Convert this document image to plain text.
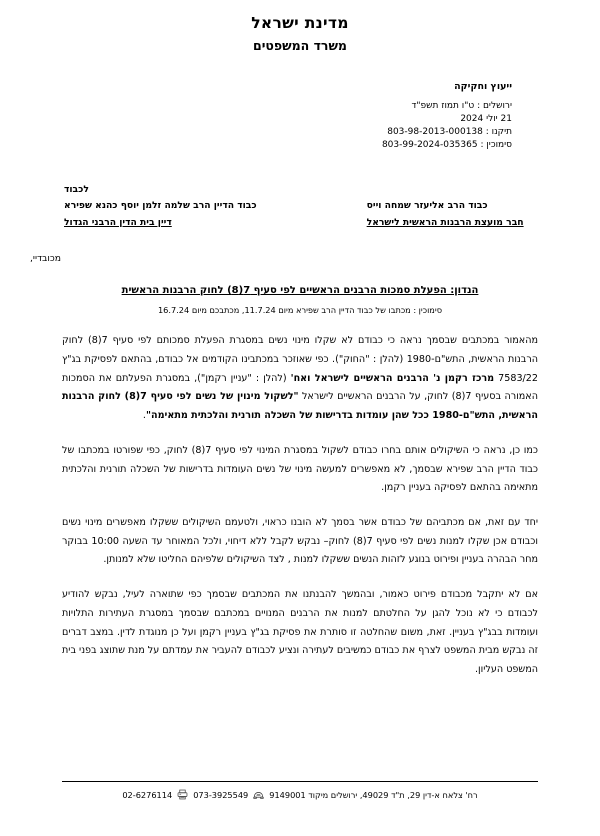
מדינת ישראל
משרד המשפטים
ייעוץ וחקיקה
ירושלים : ט"ו תמוז תשפ"ד
21 יולי 2024
תיקנו : 803-98-2013-000138
סימוכין : 803-99-2024-035365
לכבוד
כבוד הרב אליעזר שמחה וייס
חבר מועצת הרבנות הראשית לישראל
כבוד הדיין הרב שלמה זלמן יוסף כהנא שפירא
דיין בית הדין הרבני הגדול
מכובדיי,
הנדון: הפעלת סמכות הרבנים הראשיים לפי סעיף 7(8) לחוק הרבנות הראשית
סימוכין : מכתבו של כבוד הדיין הרב שפירא מיום 11.7.24, מכתבכם מיום 16.7.24

מהאמור במכתבים שבסמך נראה כי כבודם לא שקלו מינוי נשים במסגרת הפעלת סמכותם לפי סעיף 7(8) לחוק הרבנות הראשית, התש"ם-1980 (להלן : "החוק"). כפי שאוזכר במכתבינו הקודמים אל כבודם, בהתאם לפסיקת בג"ץ 7583/22 מרכז רקמן נ' הרבנים הראשיים לישראל ואח' (להלן : "עניין רקמן"), במסגרת הפעלתם את הסמכות האמורה בסעיף 7(8) לחוק, על הרבנים הראשיים לישראל "לשקול מינוין של נשים לפי סעיף 7(8) לחוק הרבנות הראשית, התש"ם-1980 ככל שהן עומדות בדרישות של השכלה תורנית והלכתית מתאימה".

כמו כן, נראה כי השיקולים אותם בחרו כבודם לשקול במסגרת המינוי לפי סעיף 7(8) לחוק, כפי שפורטו במכתבו של כבוד הדיין הרב שפירא שבסמך, לא מאפשרים למעשה מינוי של נשים העומדות בדרישות של השכלה תורנית והלכתית מתאימה בהתאם לפסיקה בעניין רקמן.

יחד עם זאת, אם מכתביהם של כבודם אשר בסמך לא הובנו כראוי, ולטעמם השיקולים ששקלו מאפשרים מינוי נשים וכבודם אכן שקלו למנות נשים לפי סעיף 7(8) לחוק– נבקש לקבל ללא דיחוי, ולכל המאוחר עד השעה 10:00 בבוקר מחר הבהרה בעניין ופירוט בנוגע לזהות הנשים ששקלו למנות , לצד השיקולים שלפיהם החליטו שלא למנותן.

אם לא יתקבל מכבודם פירוט כאמור, ובהמשך להבנתנו את המכתבים שבסמך כפי שתוארה לעיל, נבקש להודיע לכבודם כי לא נוכל להגן על החלטתם למנות את הרבנים המנויים במכתבם שבסמך במסגרת העתירות התלויות ועומדות בבג"ץ בעניין. זאת, משום שהחלטה זו סותרת את פסיקת בג"ץ בעניין רקמן ועל כן מנוגדת לדין. במצב דברים זה נבקש מבית המשפט לצרף את כבודם כמשיבים לעתירה ונציע לכבודם להעביר את עמדתם על מנת שתוצג בפני בית המשפט העליון.

רח' צלאח א-דין 29, ת"ד 49029, ירושלים מיקוד 9149001
073-3925549
02-6276114
